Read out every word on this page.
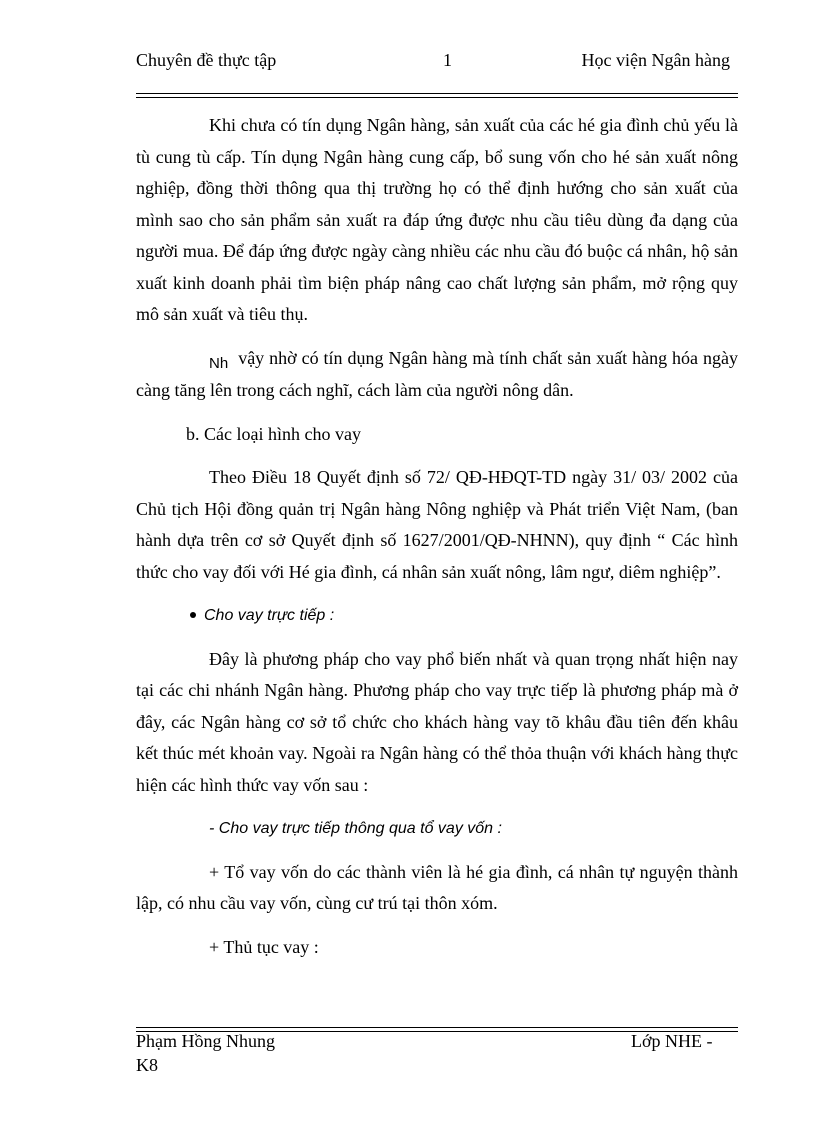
Chuyên đề thực tập	1	Học viện Ngân hàng

Khi chưa có tín dụng Ngân hàng, sản xuất của các hé gia đình chủ yếu là tù cung tù cấp. Tín dụng Ngân hàng cung cấp, bổ sung vốn cho hé sản xuất nông nghiệp, đồng thời thông qua thị trường họ có thể định hướng cho sản xuất của mình sao cho sản phẩm sản xuất ra đáp ứng được nhu cầu tiêu dùng đa dạng của người mua. Để đáp ứng được ngày càng nhiều các nhu cầu đó buộc cá nhân, hộ sản xuất kinh doanh phải tìm biện pháp nâng cao chất lượng sản phẩm, mở rộng quy mô sản xuất và tiêu thụ.

$_{Nh}$ vậy nhờ có tín dụng Ngân hàng mà tính chất sản xuất hàng hóa ngày càng tăng lên trong cách nghĩ, cách làm của người nông dân.

b. Các loại hình cho vay

Theo Điều 18 Quyết định số 72/ QĐ-HĐQT-TD ngày 31/ 03/ 2002 của Chủ tịch Hội đồng quản trị Ngân hàng Nông nghiệp và Phát triển Việt Nam, (ban hành dựa trên cơ sở Quyết định số 1627/2001/QĐ-NHNN), quy định “ Các hình thức cho vay đối với Hé gia đình, cá nhân sản xuất nông, lâm ngư, diêm nghiệp”.

Cho vay trực tiếp :

Đây là phương pháp cho vay phổ biến nhất và quan trọng nhất hiện nay tại các chi nhánh Ngân hàng. Phương pháp cho vay trực tiếp là phương pháp mà ở đây, các Ngân hàng cơ sở tổ chức cho khách hàng vay tõ khâu đầu tiên đến khâu kết thúc mét khoản vay. Ngoài ra Ngân hàng có thể thỏa thuận với khách hàng thực hiện các hình thức vay vốn sau :

- Cho vay trực tiếp thông qua tổ vay vốn :

+ Tổ vay vốn do các thành viên là hé gia đình, cá nhân tự nguyện thành lập, có nhu cầu vay vốn, cùng cư trú tại thôn xóm.

+ Thủ tục vay :

Phạm Hồng Nhung K8
Lớp NHE -
